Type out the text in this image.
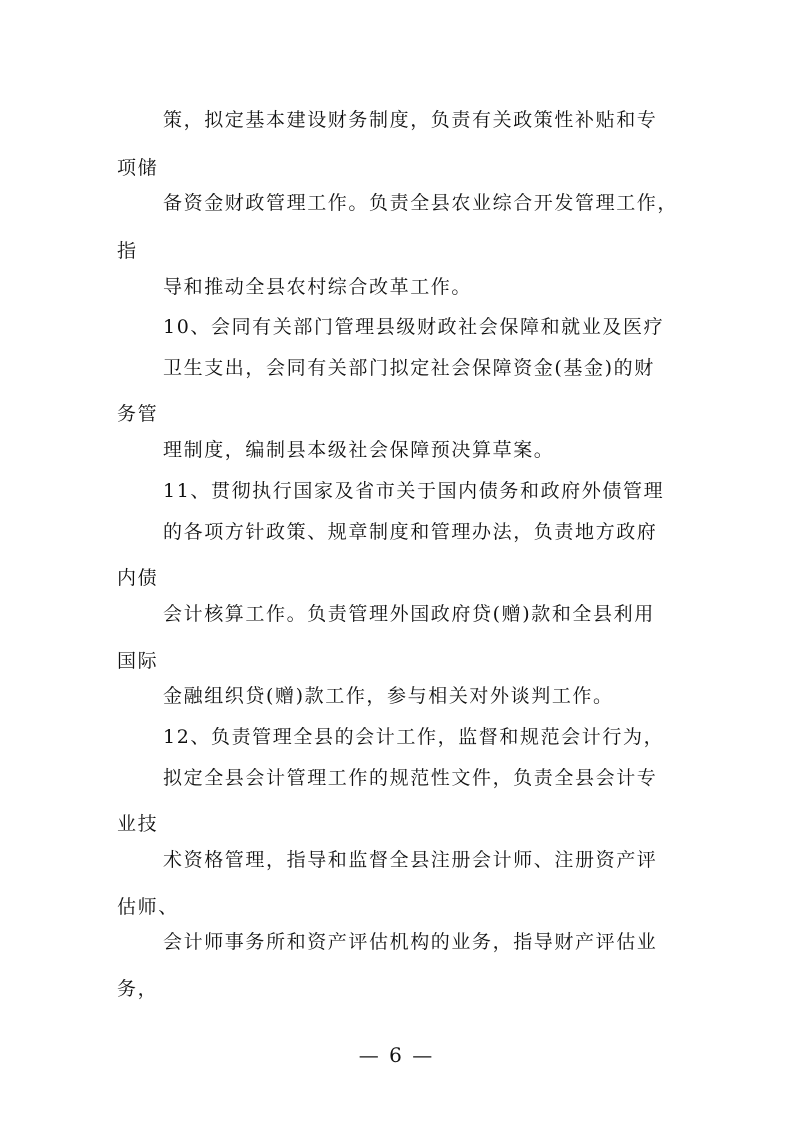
策，拟定基本建设财务制度，负责有关政策性补贴和专
项储
备资金财政管理工作。负责全县农业综合开发管理工作，
指
导和推动全县农村综合改革工作。
10、会同有关部门管理县级财政社会保障和就业及医疗
卫生支出，会同有关部门拟定社会保障资金(基金)的财
务管
理制度，编制县本级社会保障预决算草案。
11、贯彻执行国家及省市关于国内债务和政府外债管理
的各项方针政策、规章制度和管理办法，负责地方政府
内债
会计核算工作。负责管理外国政府贷(赠)款和全县利用
国际
金融组织贷(赠)款工作，参与相关对外谈判工作。
12、负责管理全县的会计工作，监督和规范会计行为，
拟定全县会计管理工作的规范性文件，负责全县会计专
业技
术资格管理，指导和监督全县注册会计师、注册资产评
估师、
会计师事务所和资产评估机构的业务，指导财产评估业
务，
— 6 —
